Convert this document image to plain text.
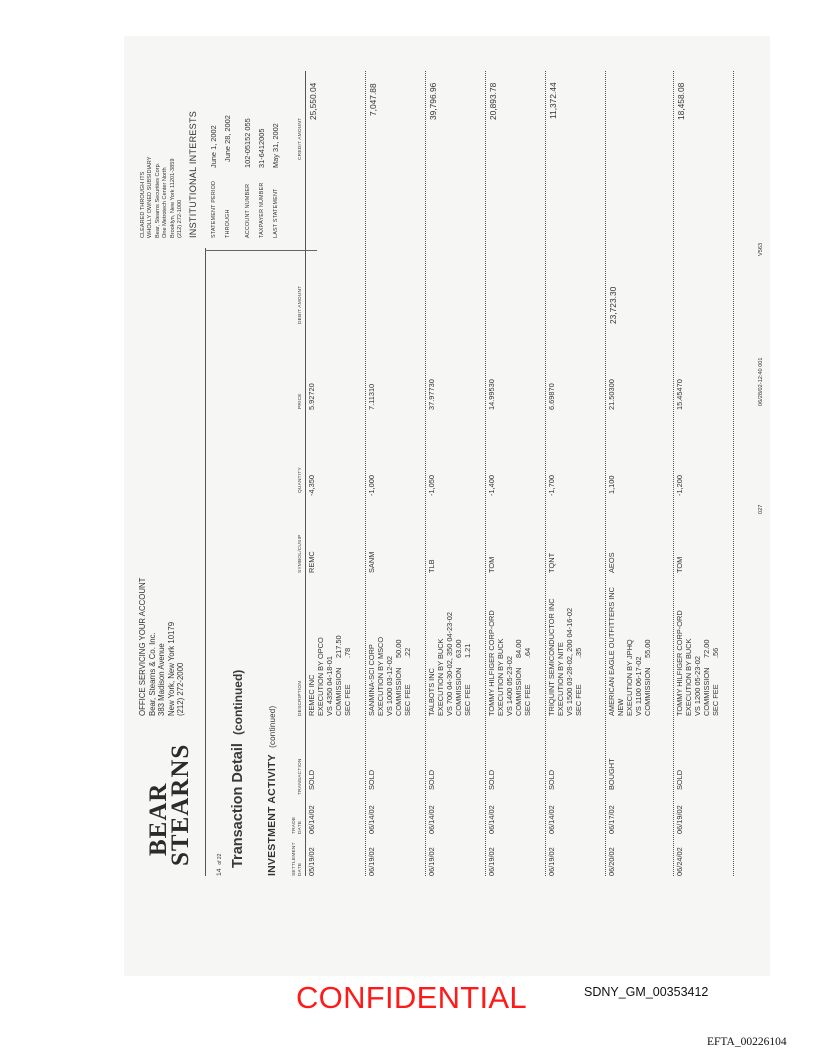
BEAR
STEARNS
OFFICE SERVICING YOUR ACCOUNT Bear, Stearns & Co. Inc. 383 Madison Avenue New York, New York 10179 (212) 272-2000
CLEARED THROUGH ITS WHOLLY OWNED SUBSIDIARY Bear, Stearns Securities Corp. One Metrotech Center North Brooklyn, New York 11201-3859 (212) 272-1000 INSTITUTIONAL INTERESTS STATEMENT PERIOD
June 1, 2002
THROUGH
June 28, 2002
ACCOUNT NUMBER
102-05152 055
TAXPAYER NUMBER
31-6412005
LAST STATEMENT
May 31, 2002
14  of 22 Transaction Detail  (continued)
INVESTMENT ACTIVITY  (continued)
SETTLEMENT DATE
TRADE DATE
TRANSACTION
DESCRIPTION
SYMBOL/CUSIP
QUANTITY
PRICE
DEBIT AMOUNT
CREDIT AMOUNT
05/19/02
06/14/02
SOLD
REMEC INC EXECUTION BY OPCO VS 4350 04-18-01 COMMISSION
217.50
SEC FEE
.78
REMC
-4,350
5.92720
25,550.04
06/19/02
06/14/02
SOLD
SANMINA-SCI CORP EXECUTION BY MSCO VS 1000 03-12-02 COMMISSION
50.00
SEC FEE
.22
SANM
-1,000
7.11310
7,047.88
06/19/02
06/14/02
SOLD
TALBOTS INC EXECUTION BY BUCK VS 700 04-30-02, 350 04-23-02 COMMISSION
63.00
SEC FEE
1.21
TLB
-1,050
37.97730
39,796.96
06/19/02
06/14/02
SOLD
TOMMY HILFIGER CORP-ORD EXECUTION BY BUCK VS 1400 05-23-02 COMMISSION
84.00
SEC FEE
.64
TOM
-1,400
14.99530
20,893.78
06/19/02
06/14/02
SOLD
TRIQUINT SEMICONDUCTOR INC EXECUTION BY NITE VS 1500 03-28-02, 200 04-16-02 SEC FEE
.35
TQNT
-1,700
6.69870
11,372.44
06/20/02
06/17/02
BOUGHT
AMERICAN EAGLE OUTFITTERS INC NEW EXECUTION BY JPHQ VS 1100 06-17-02 COMMISSION
55.00
AEOS
1,100
21.50300
23,723.30
06/24/02
06/19/02
SOLD
TOMMY HILFIGER CORP-ORD EXECUTION BY BUCK VS 1200 05-23-02 COMMISSION
72.00
SEC FEE
.56
TOM
-1,200
15.45470
18,458.08
027
06/28/02-12:40 001
V563
CONFIDENTIAL	SDNY_GM_00353412
EFTA_00226104
